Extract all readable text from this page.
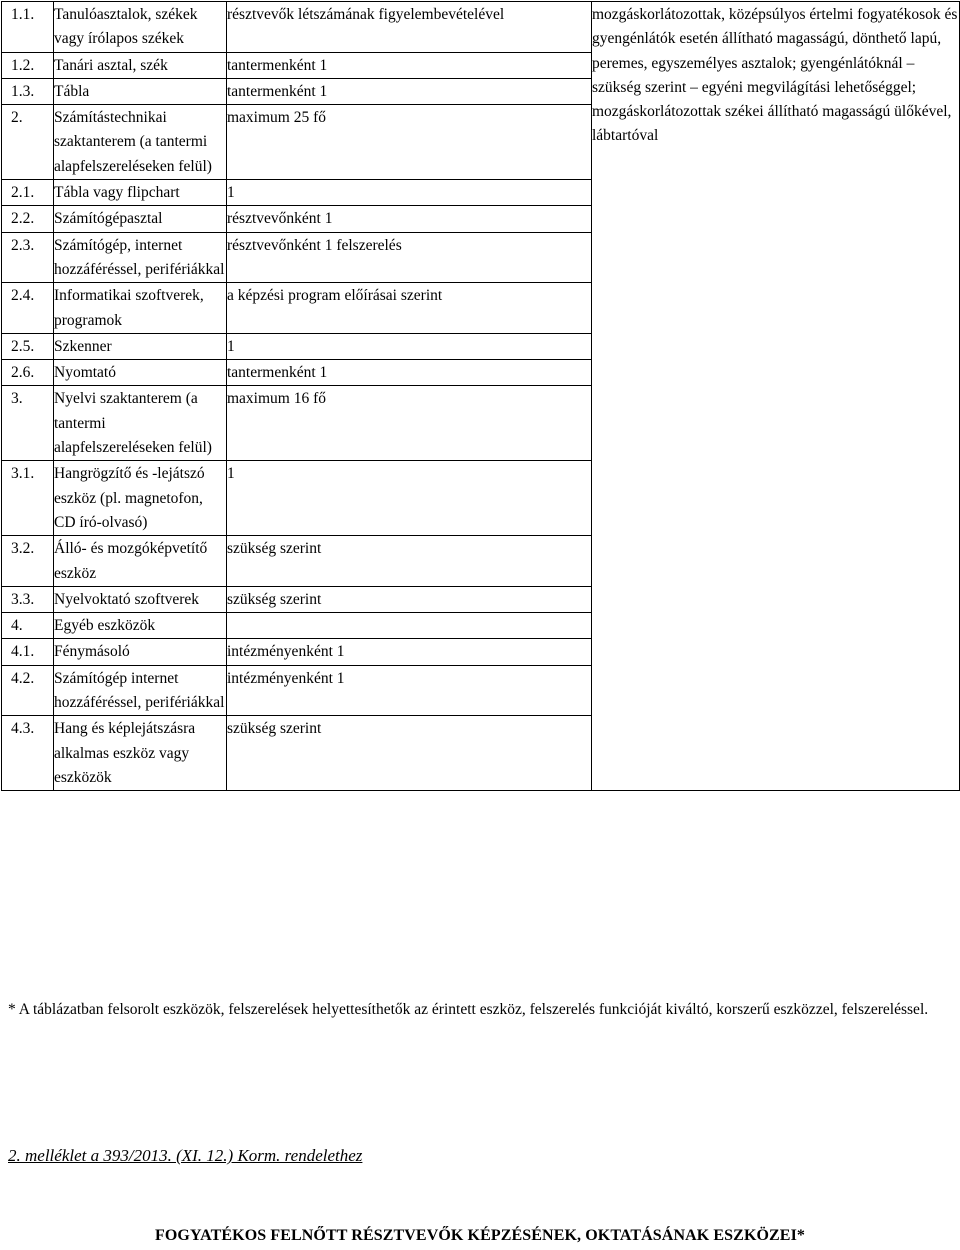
1.1.	Tanulóasztalok, székek vagy írólapos székek	résztvevők létszámának figyelembevételével	mozgáskorlátozottak, középsúlyos értelmi fogyatékosok és gyengénlátók esetén állítható magasságú, dönthető lapú, peremes, egyszemélyes asztalok; gyengénlátóknál – szükség szerint – egyéni megvilágítási lehetőséggel; mozgáskorlátozottak székei állítható magasságú ülőkével, lábtartóval
1.2.	Tanári asztal, szék	tantermenként 1	
1.3.	Tábla	tantermenként 1	
2.	Számítástechnikai szaktanterem (a tantermi alapfelszereléseken felül)	maximum 25 fő	
2.1.	Tábla vagy flipchart	1	
2.2.	Számítógépasztal	résztvevőnként 1	
2.3.	Számítógép, internet hozzáféréssel, perifériákkal	résztvevőnként 1 felszerelés	
2.4.	Informatikai szoftverek, programok	a képzési program előírásai szerint	
2.5.	Szkenner	1	
2.6.	Nyomtató	tantermenként 1	
3.	Nyelvi szaktanterem (a tantermi alapfelszereléseken felül)	maximum 16 fő	
3.1.	Hangrögzítő és -lejátszó eszköz (pl. magnetofon, CD író-olvasó)	1	
3.2.	Álló- és mozgóképvetítő eszköz	szükség szerint	
3.3.	Nyelvoktató szoftverek	szükség szerint	
4.	Egyéb eszközök		
4.1.	Fénymásoló	intézményenként 1	
4.2.	Számítógép internet hozzáféréssel, perifériákkal	intézményenként 1	
4.3.	Hang és képlejátszásra alkalmas eszköz vagy eszközök	szükség szerint	
* A táblázatban felsorolt eszközök, felszerelések helyettesíthetők az érintett eszköz, felszerelés funkcióját kiváltó, korszerű eszközzel, felszereléssel.
2. melléklet a 393/2013. (XI. 12.) Korm. rendelethez
FOGYATÉKOS FELNŐTT RÉSZTVEVŐK KÉPZÉSÉNEK, OKTATÁSÁNAK ESZKÖZEI*
